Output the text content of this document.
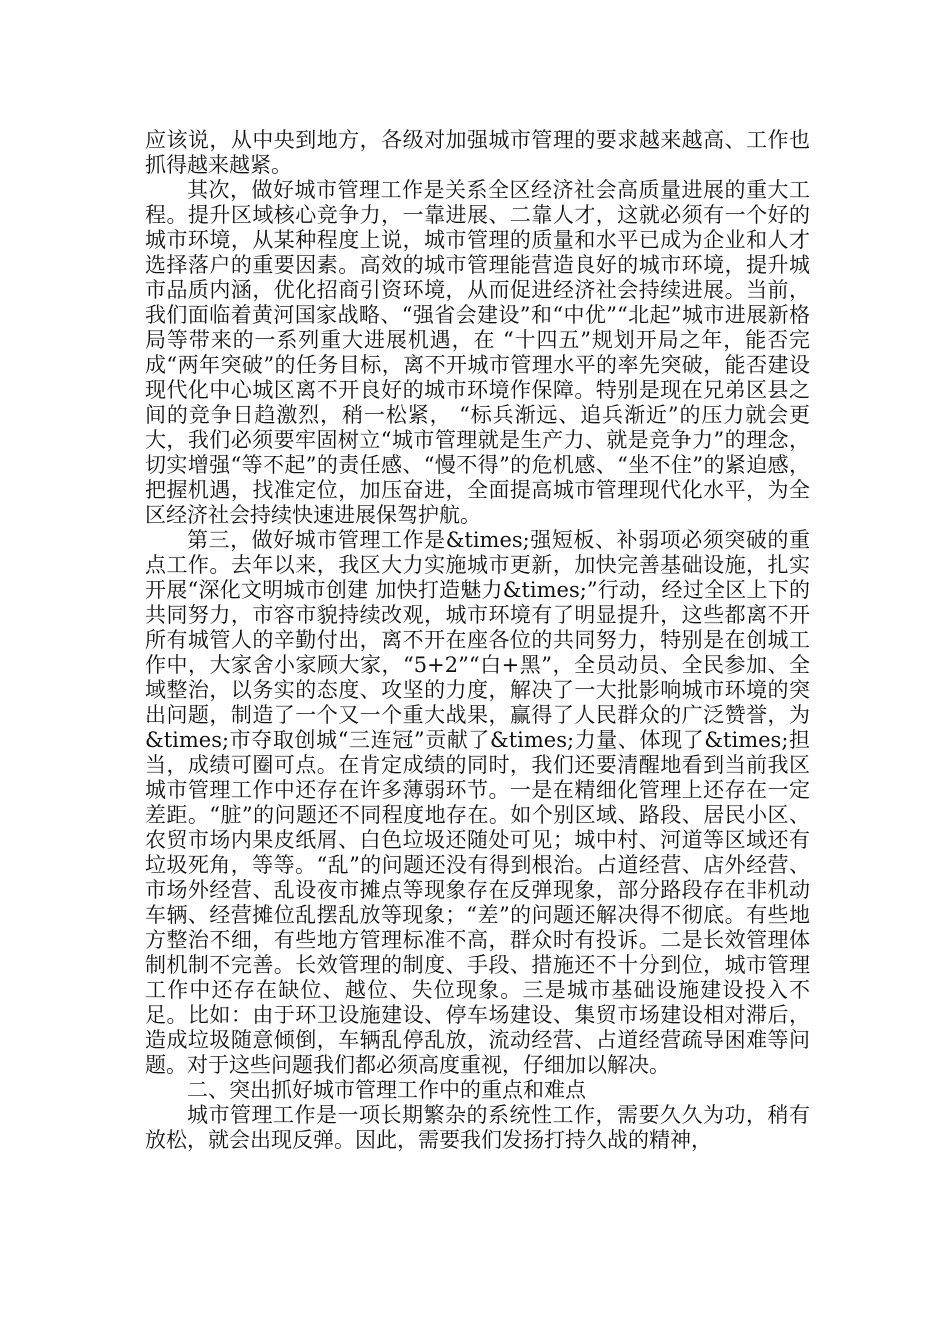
应该说，从中央到地方，各级对加强城市管理的要求越来越高、工作也抓得越来越紧。

其次，做好城市管理工作是关系全区经济社会高质量进展的重大工程。提升区域核心竞争力，一靠进展、二靠人才，这就必须有一个好的城市环境，从某种程度上说，城市管理的质量和水平已成为企业和人才选择落户的重要因素。高效的城市管理能营造良好的城市环境，提升城市品质内涵，优化招商引资环境，从而促进经济社会持续进展。当前，我们面临着黄河国家战略、“强省会建设”和“中优”“北起”城市进展新格局等带来的一系列重大进展机遇，在 “十四五”规划开局之年，能否完成“两年突破”的任务目标，离不开城市管理水平的率先突破，能否建设现代化中心城区离不开良好的城市环境作保障。特别是现在兄弟区县之间的竞争日趋激烈，稍一松紧， “标兵渐远、追兵渐近”的压力就会更大，我们必须要牢固树立“城市管理就是生产力、就是竞争力”的理念，切实增强“等不起”的责任感、“慢不得”的危机感、“坐不住”的紧迫感，把握机遇，找准定位，加压奋进，全面提高城市管理现代化水平，为全区经济社会持续快速进展保驾护航。

第三，做好城市管理工作是&times;强短板、补弱项必须突破的重点工作。去年以来，我区大力实施城市更新，加快完善基础设施，扎实开展“深化文明城市创建 加快打造魅力&times;”行动，经过全区上下的共同努力，市容市貌持续改观，城市环境有了明显提升，这些都离不开所有城管人的辛勤付出，离不开在座各位的共同努力，特别是在创城工作中，大家舍小家顾大家，“5+2”“白+黑”，全员动员、全民参加、全域整治，以务实的态度、攻坚的力度，解决了一大批影响城市环境的突出问题，制造了一个又一个重大战果，赢得了人民群众的广泛赞誉，为&times;市夺取创城“三连冠”贡献了&times;力量、体现了&times;担当，成绩可圈可点。在肯定成绩的同时，我们还要清醒地看到当前我区城市管理工作中还存在许多薄弱环节。一是在精细化管理上还存在一定差距。“脏”的问题还不同程度地存在。如个别区域、路段、居民小区、农贸市场内果皮纸屑、白色垃圾还随处可见；城中村、河道等区域还有垃圾死角，等等。“乱”的问题还没有得到根治。占道经营、店外经营、市场外经营、乱设夜市摊点等现象存在反弹现象，部分路段存在非机动车辆、经营摊位乱摆乱放等现象；“差”的问题还解决得不彻底。有些地方整治不细，有些地方管理标准不高，群众时有投诉。二是长效管理体制机制不完善。长效管理的制度、手段、措施还不十分到位，城市管理工作中还存在缺位、越位、失位现象。三是城市基础设施建设投入不足。比如：由于环卫设施建设、停车场建设、集贸市场建设相对滞后，造成垃圾随意倾倒，车辆乱停乱放，流动经营、占道经营疏导困难等问题。对于这些问题我们都必须高度重视，仔细加以解决。

二、突出抓好城市管理工作中的重点和难点

城市管理工作是一项长期繁杂的系统性工作，需要久久为功，稍有放松，就会出现反弹。因此，需要我们发扬打持久战的精神，
